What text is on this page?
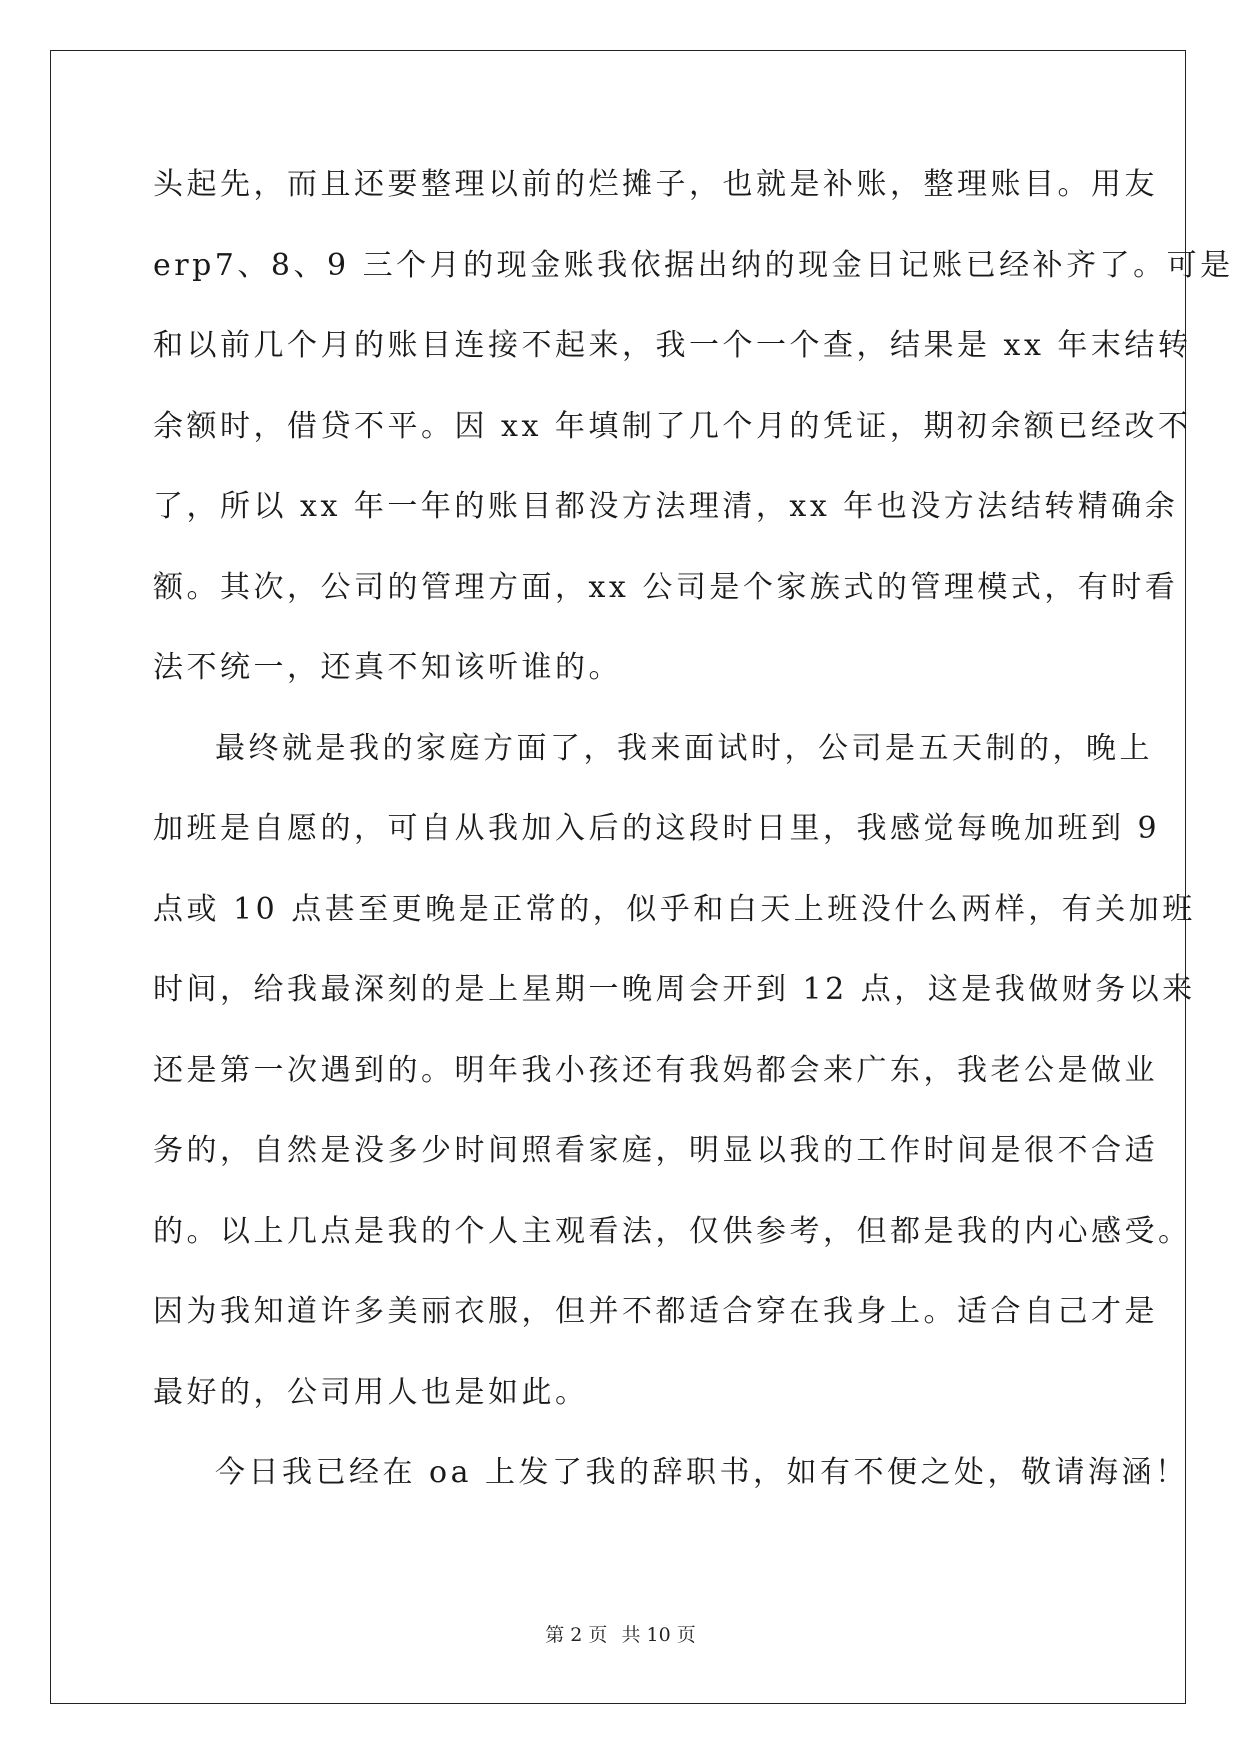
头起先，而且还要整理以前的烂摊子，也就是补账，整理账目。用友
erp7、8、9 三个月的现金账我依据出纳的现金日记账已经补齐了。可是
和以前几个月的账目连接不起来，我一个一个查，结果是 xx 年末结转
余额时，借贷不平。因 xx 年填制了几个月的凭证，期初余额已经改不
了，所以 xx 年一年的账目都没方法理清，xx 年也没方法结转精确余
额。其次，公司的管理方面，xx 公司是个家族式的管理模式，有时看
法不统一，还真不知该听谁的。
最终就是我的家庭方面了，我来面试时，公司是五天制的，晚上
加班是自愿的，可自从我加入后的这段时日里，我感觉每晚加班到 9
点或 10 点甚至更晚是正常的，似乎和白天上班没什么两样，有关加班
时间，给我最深刻的是上星期一晚周会开到 12 点，这是我做财务以来
还是第一次遇到的。明年我小孩还有我妈都会来广东，我老公是做业
务的，自然是没多少时间照看家庭，明显以我的工作时间是很不合适
的。以上几点是我的个人主观看法，仅供参考，但都是我的内心感受。
因为我知道许多美丽衣服，但并不都适合穿在我身上。适合自己才是
最好的，公司用人也是如此。
今日我已经在 oa 上发了我的辞职书，如有不便之处，敬请海涵！
第 2 页 共 10 页
